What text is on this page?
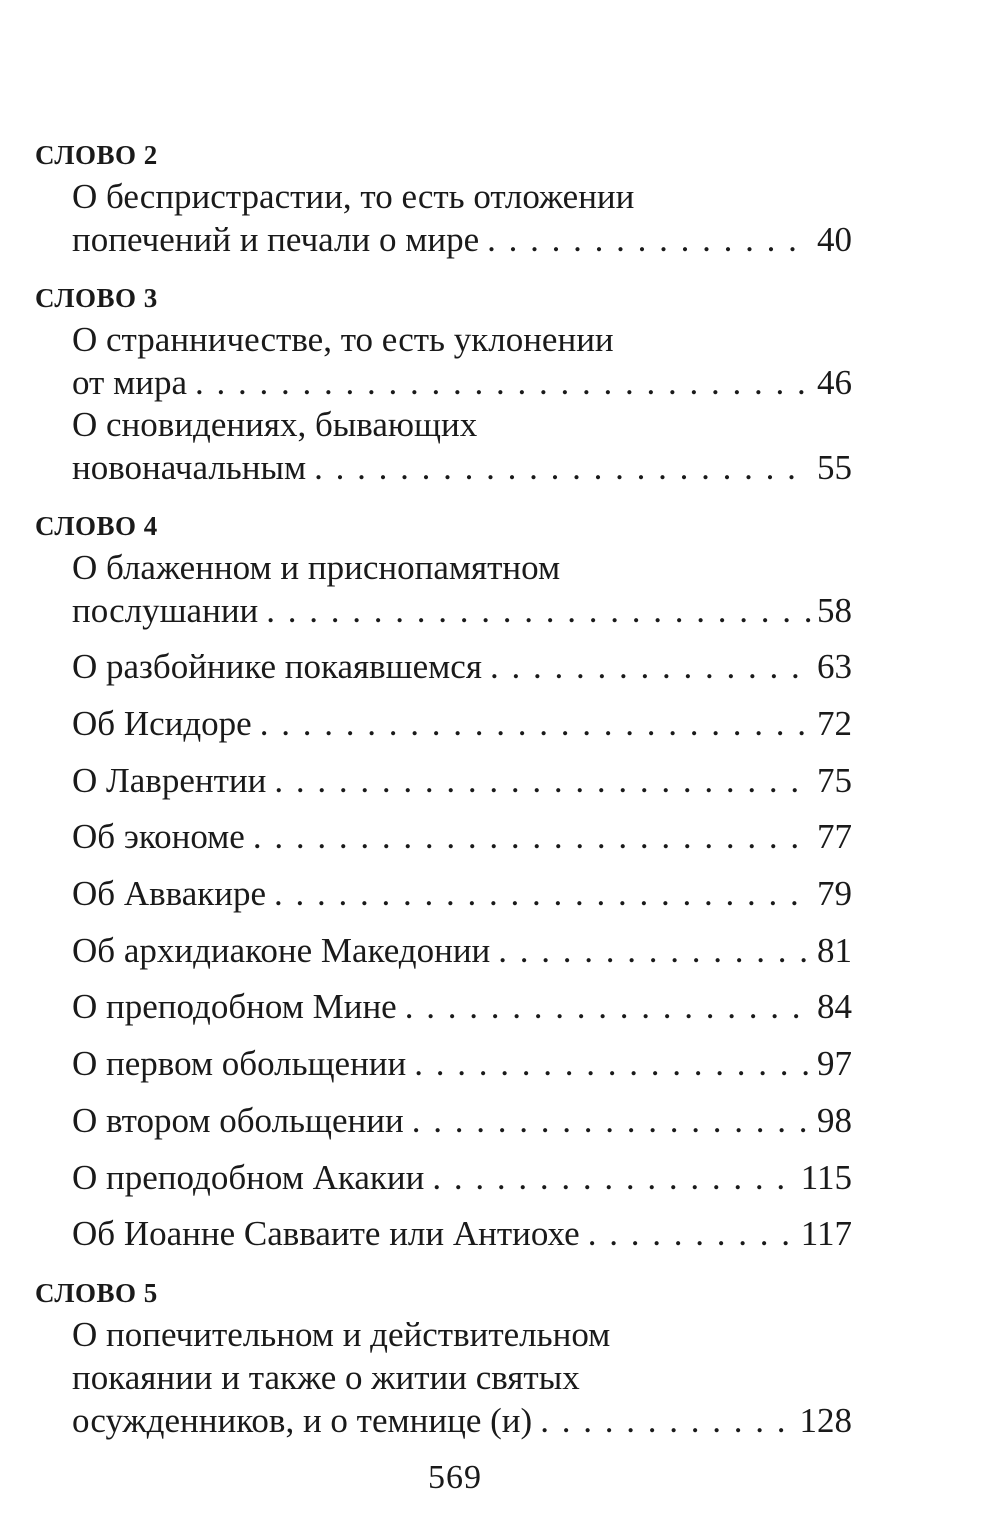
СЛОВО 2
О беспристрастии, то есть отложении
попечений и печали о мире . . .	40
СЛОВО 3
О странничестве, то есть уклонении
от мира . . .	46
О сновидениях, бывающих
новоначальным . . .	55
СЛОВО 4
О блаженном и приснопамятном
послушании . . .	58
О разбойнике покаявшемся . . .	63
Об Исидоре . . .	72
О Лаврентии . . .	75
Об экономе . . .	77
Об Аввакире . . .	79
Об архидиаконе Македонии . . .	81
О преподобном Мине . . .	84
О первом обольщении . . .	97
О втором обольщении . . .	98
О преподобном Акакии . . .	115
Об Иоанне Савваите или Антиохе . . .	117
СЛОВО 5
О попечительном и действительном
покаянии и также о житии святых
осужденников, и о темнице (и) . . .	128
569
